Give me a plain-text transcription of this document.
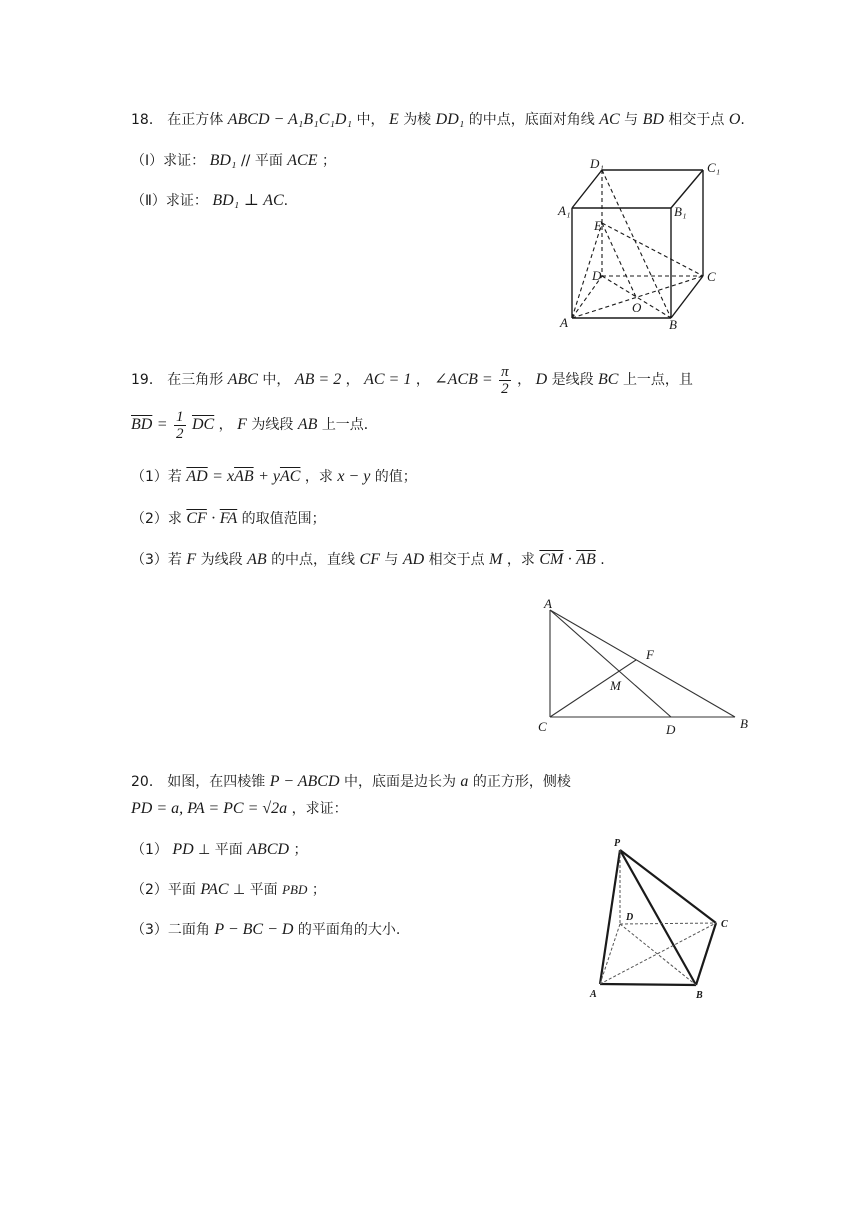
18． 在正方体 ABCD − A₁B₁C₁D₁ 中， E 为棱 DD₁ 的中点，底面对角线 AC 与 BD 相交于点 O.
（Ⅰ）求证： BD₁ // 平面 ACE ；
（Ⅱ）求证： BD₁ ⊥ AC.
D₁	C₁
A₁	B₁
E
D	C
O
A	B
19． 在三角形 ABC 中， AB = 2 ， AC = 1 ， ∠ACB = $\frac{\pi}{2}$ ， D 是线段 BC 上一点，且
$\overline{BD} = \frac{1}{2} \overline{DC}$ ， F 为线段 AB 上一点．
（1）若 $\overline{AD} = x\overline{AB} + y\overline{AC}$ ，求 x − y 的值；
（2）求 $\overline{CF} \cdot \overline{FA}$ 的取值范围；
（3）若 F 为线段 AB 的中点，直线 CF 与 AD 相交于点 M ，求 $\overline{CM} \cdot \overline{AB}$ .
A
F
M
C	D	B
20． 如图，在四棱锥 P − ABCD 中，底面是边长为 a 的正方形，侧棱
PD = a, PA = PC = √2a ，求证：
（1） PD ⊥ 平面 ABCD ；
（2）平面 PAC ⊥ 平面 PBD ；
（3）二面角 P − BC − D 的平面角的大小.
P
D
C
A	B
